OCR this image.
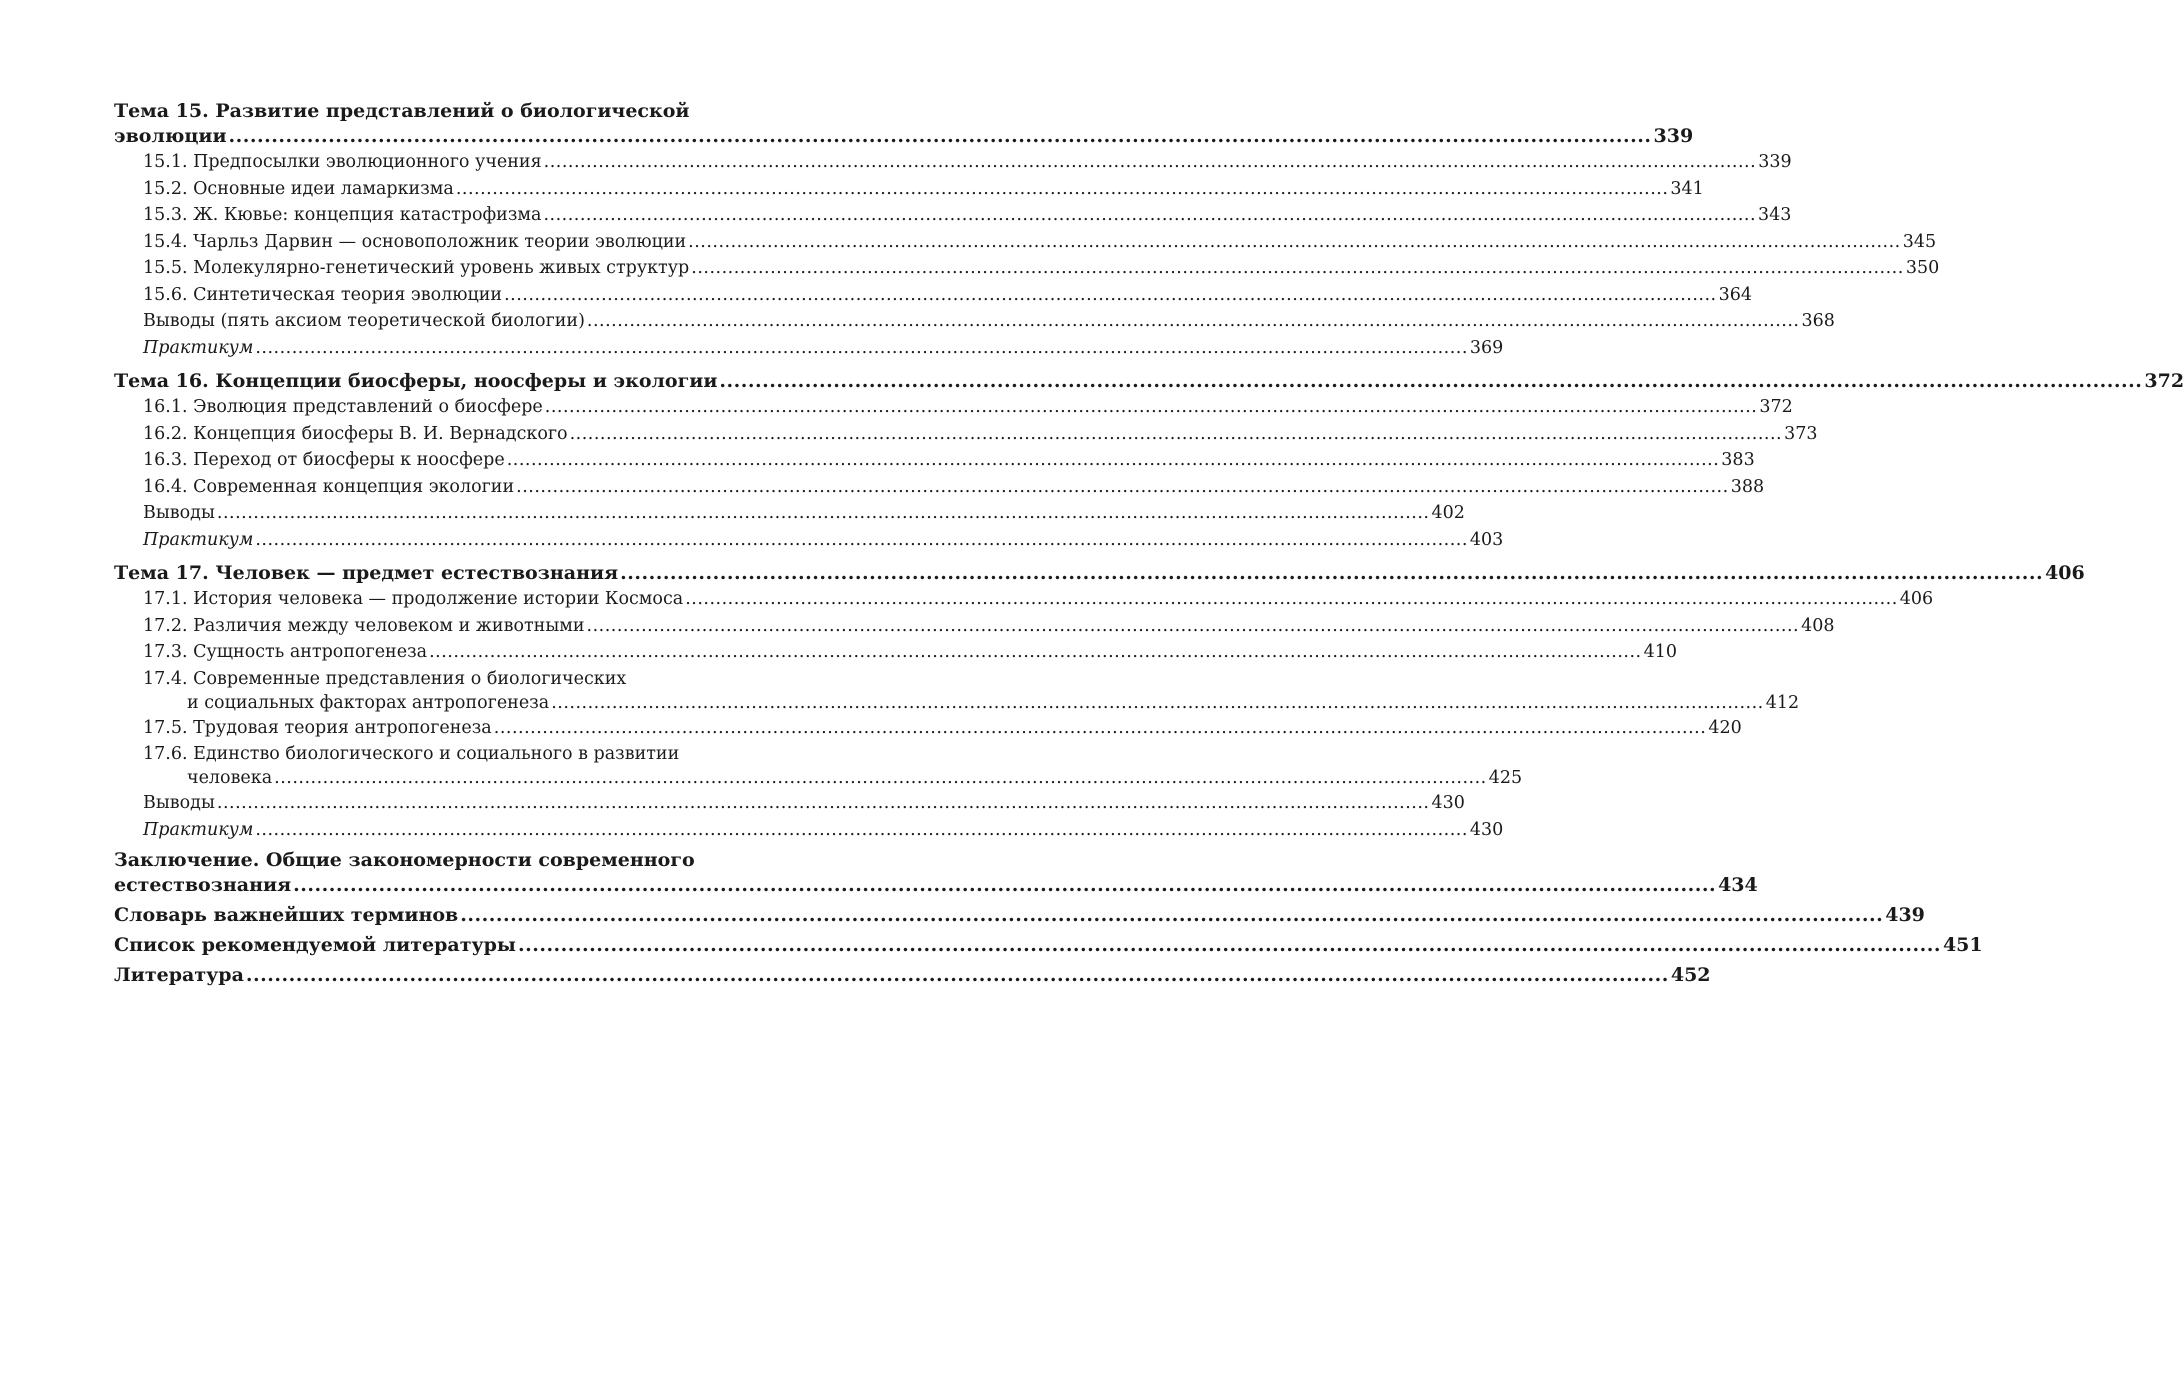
Тема 15. Развитие представлений о биологической
эволюции .....	339
15.1. Предпосылки эволюционного учения .....	339
15.2. Основные идеи ламаркизма .....	341
15.3. Ж. Кювье: концепция катастрофизма .....	343
15.4. Чарльз Дарвин — основоположник теории эволюции .....	345
15.5. Молекулярно-генетический уровень живых структур .....	350
15.6. Синтетическая теория эволюции .....	364
Выводы (пять аксиом теоретической биологии) .....	368
Практикум .....	369
Тема 16. Концепции биосферы, ноосферы и экологии .....	372
16.1. Эволюция представлений о биосфере .....	372
16.2. Концепция биосферы В. И. Вернадского .....	373
16.3. Переход от биосферы к ноосфере .....	383
16.4. Современная концепция экологии .....	388
Выводы .....	402
Практикум .....	403
Тема 17. Человек — предмет естествознания .....	406
17.1. История человека — продолжение истории Космоса .....	406
17.2. Различия между человеком и животными .....	408
17.3. Сущность антропогенеза .....	410
17.4. Современные представления о биологических
и социальных факторах антропогенеза .....	412
17.5. Трудовая теория антропогенеза .....	420
17.6. Единство биологического и социального в развитии
человека .....	425
Выводы .....	430
Практикум .....	430
Заключение. Общие закономерности современного
естествознания .....	434
Словарь важнейших терминов .....	439
Список рекомендуемой литературы .....	451
Литература .....	452
